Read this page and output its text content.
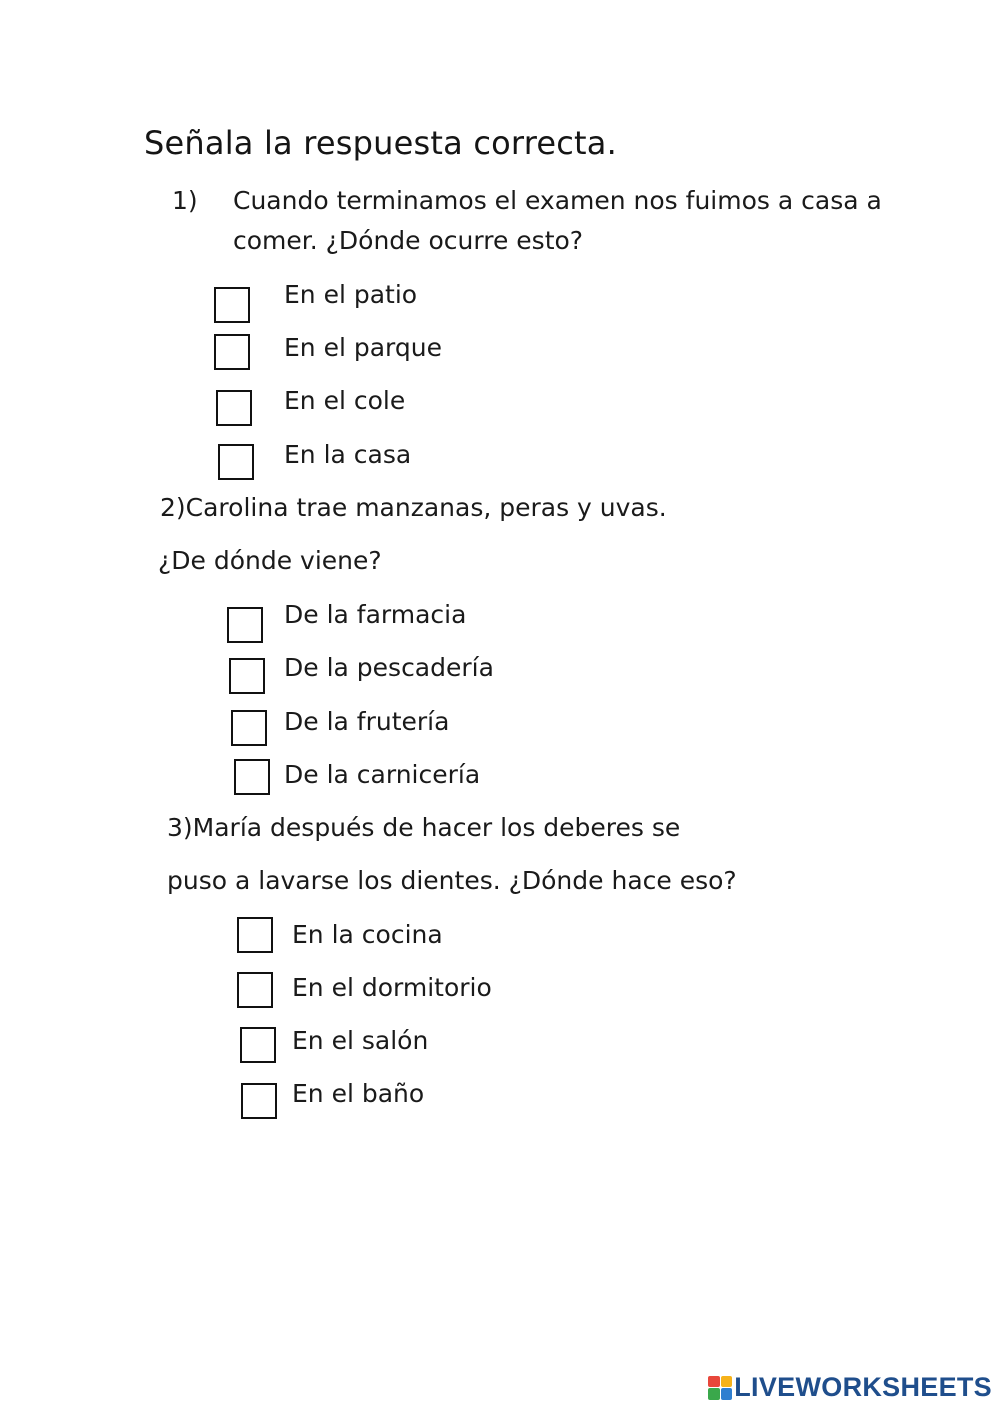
Señala la respuesta correcta.
1) Cuando terminamos el examen nos fuimos a casa a
comer. ¿Dónde ocurre esto?
En el patio
En el parque
En el cole
En la casa
2)Carolina trae manzanas, peras y uvas.
¿De dónde viene?
De la farmacia
De la pescadería
De la frutería
De la carnicería
3)María después de hacer los deberes se
puso a lavarse los dientes. ¿Dónde hace eso?
En la cocina
En el dormitorio
En el salón
En el baño
LIVEWORKSHEETS
